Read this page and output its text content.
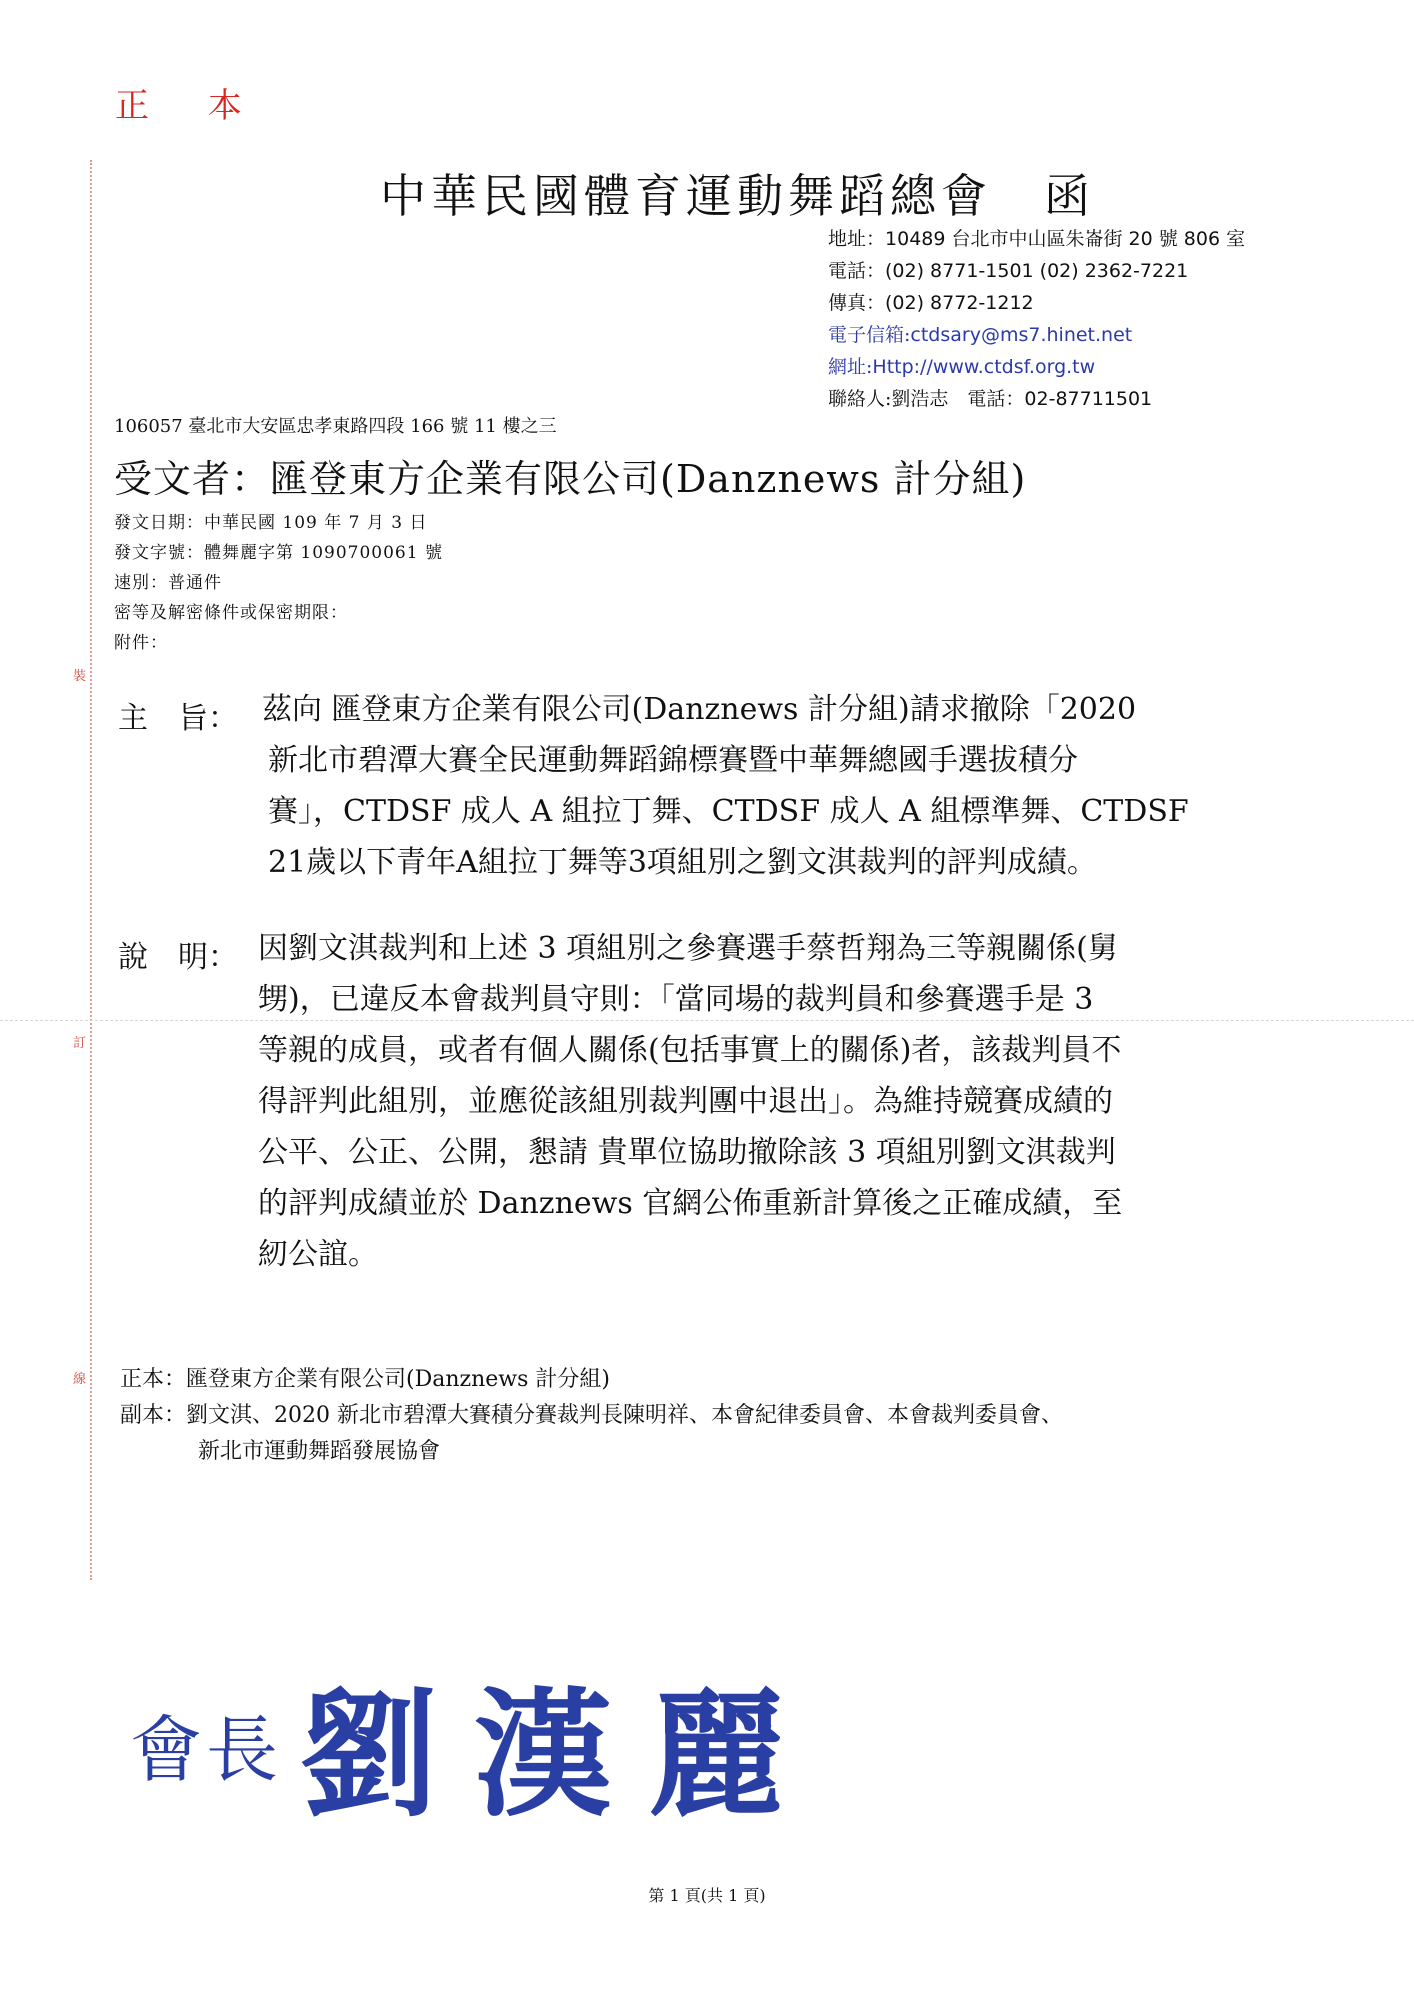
正 本
裝
訂
線
中華民國體育運動舞蹈總會 函
地址：10489 台北市中山區朱崙街 20 號 806 室
電話：(02) 8771-1501 (02) 2362-7221
傳真：(02) 8772-1212
電子信箱:ctdsary@ms7.hinet.net
網址:Http://www.ctdsf.org.tw
聯絡人:劉浩志　電話：02-87711501
106057 臺北市大安區忠孝東路四段 166 號 11 樓之三
受文者：匯登東方企業有限公司(Danznews 計分組)
發文日期：中華民國 109 年 7 月 3 日
發文字號：體舞麗字第 1090700061 號
速別：普通件
密等及解密條件或保密期限：
附件：
主　旨： 茲向 匯登東方企業有限公司(Danznews 計分組)請求撤除「2020
新北市碧潭大賽全民運動舞蹈錦標賽暨中華舞總國手選拔積分
賽」，CTDSF 成人 A 組拉丁舞、CTDSF 成人 A 組標準舞、CTDSF
21歲以下青年A組拉丁舞等3項組別之劉文淇裁判的評判成績。
說　明： 因劉文淇裁判和上述 3 項組別之參賽選手蔡哲翔為三等親關係(舅
甥)，已違反本會裁判員守則：「當同場的裁判員和參賽選手是 3
等親的成員，或者有個人關係(包括事實上的關係)者，該裁判員不
得評判此組別，並應從該組別裁判團中退出」。為維持競賽成績的
公平、公正、公開，懇請 貴單位協助撤除該 3 項組別劉文淇裁判
的評判成績並於 Danznews 官網公佈重新計算後之正確成績，至
紉公誼。
正本：匯登東方企業有限公司(Danznews 計分組)
副本：劉文淇、2020 新北市碧潭大賽積分賽裁判長陳明祥、本會紀律委員會、本會裁判委員會、
新北市運動舞蹈發展協會
會長 劉漢麗
第 1 頁(共 1 頁)
